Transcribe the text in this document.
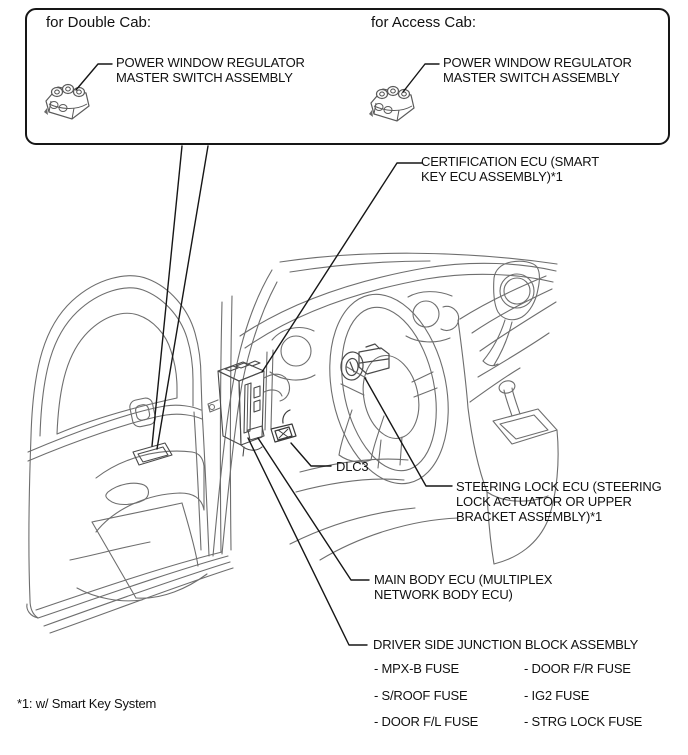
for Double Cab:	for Access Cab:
POWER WINDOW REGULATOR
MASTER SWITCH ASSEMBLY
POWER WINDOW REGULATOR
MASTER SWITCH ASSEMBLY
CERTIFICATION ECU (SMART
KEY ECU ASSEMBLY)*1
DLC3
STEERING LOCK ECU (STEERING
LOCK ACTUATOR OR UPPER
BRACKET ASSEMBLY)*1
MAIN BODY ECU (MULTIPLEX
NETWORK BODY ECU)
DRIVER SIDE JUNCTION BLOCK ASSEMBLY
- MPX-B FUSE	- DOOR F/R FUSE
- S/ROOF FUSE	- IG2 FUSE
- DOOR F/L FUSE	- STRG LOCK FUSE
*1: w/ Smart Key System
